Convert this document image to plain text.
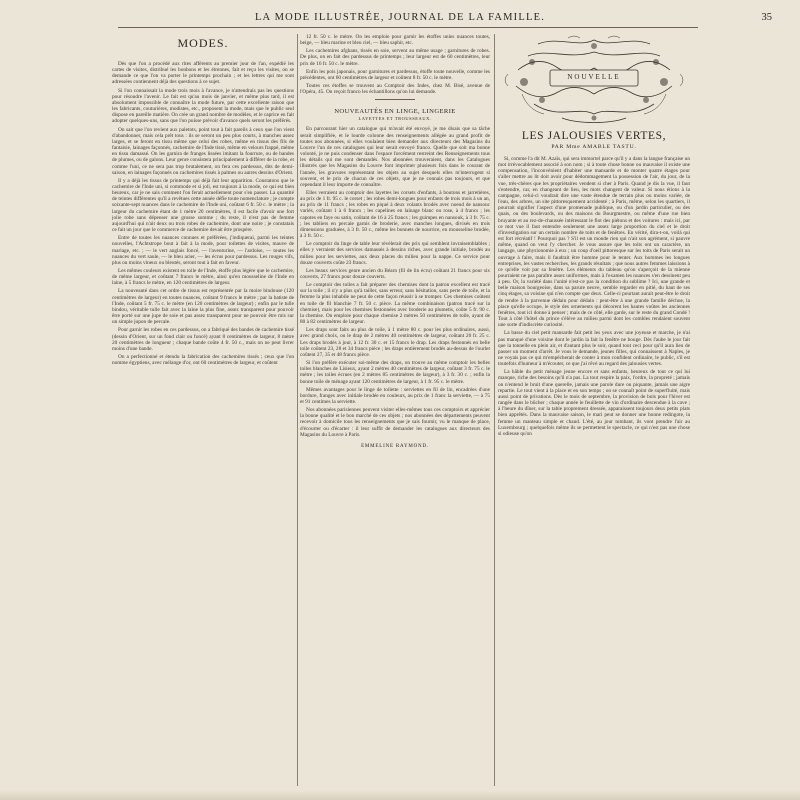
LA MODE ILLUSTRÉE, JOURNAL DE LA FAMILLE.	35
MODES.

Dès que l'on a procédé aux rites afférents au premier jour de l'an, expédié les cartes de visites, distribué les bonbons et les étrennes, fait et reçu les visites, on se demande ce que l'on va porter le printemps prochain ; et les lettres qui me sont adressées contiennent déjà des questions à ce sujet.

Si l'on connaissait la mode trois mois à l'avance, je n'attendrais pas les questions pour résoudre l'avenir. Le fait est qu'au mois de janvier, et même plus tard, il est absolument impossible de connaître la mode future, par cette excellente raison que les fabricants, couturières, modistes, etc., proposent la mode, mais que le public seul dispose en pareille matière. On crée un grand nombre de modèles, et le caprice en fait adopter quelques-uns, sans que l'on puisse prévoir d'avance quels seront les préférés.

On sait que l'on revient aux paletots, point tout à fait pareils à ceux que l'on vient d'abandonner, mais cela prêt tous : ils se seront un peu plus courts, à manches assez larges, et se feront en tissu même que celui des robes, même en tissus des fils de fantaisie, lainages façonnés, cachemire de l'Inde tissé, même en velours frappé, même en tissu damassé. On les garnira de franges lissées imitant la fourrure, ou de bandes de plumes, ou de galons. Leur genre consistera principalement à différer de la robe, et comme l'uni, ce ne sera pas trop brutalement, on fera ces pardessus, dits de demi-saison, en lainages façonnés ou cachemires tissés à palmes ou autres dessins d'Orient.

Il y a déjà les tissus de printemps qui déjà fait leur apparition. Constatons que le cachemire de l'Inde uni, si commode et si joli, est toujours à la mode, ce qui est bien heureux, car je ne sais comment l'on ferait actuellement pour s'en passer. La quantité de teintes différentes qu'il a revêtues cette année défie toute nomenclature ; je compte soixante-sept nuances dans le cachemire de l'Inde uni, coûtant 6 fr. 50 c. le mètre ; la largeur du cachemire étant de 1 mètre 20 centimètres, il est facile d'avoir une fort jolie robe sans dépenser une grosse somme ; du reste, il n'est pas de femme aujourd'hui qui n'ait deux ou trois robes de cachemire, dont une noire ; je constatais ce fait un jour que le commerce de cachemire devait être prospère.

Entre de toutes les nuances connues et préférées, j'indiquerai, parmi les teintes nouvelles, l'Achtstrope bout à fait à la mode, pour toilettes de visites, mauve de mariage, etc. ; — le vert anglais foncé, — l'aventurine, — l'ardoise, — toutes les nuances du vert saule, — le bleu acier, — les écrus pour pardessus. Les rouges vifs, plus ou moins vineux ou bleutés, seront tout à fait en faveur.

Les mêmes couleurs existent en toile de l'Inde, étoffe plus légère que le cachemire, de même largeur, et coûtant 7 francs le mètre, ainsi qu'en mousseline de l'Inde en laine, à 5 francs le mètre, en 120 centimètres de largeur.

La nouveauté dans cet ordre de tissus est représentée par la moire bindouse (120 centimètres de largeur) en toutes nuances, coûtant 9 francs le mètre ; par la batiste de l'Inde, coûtant 5 fr. 75 c. le mètre (en 120 centimètres de largeur) ; enfin par le tulle bindou, véritable tulle fait avec la laine la plus fine, assez transparent pour pouvoir être porté sur une jupe de soie et pas assez transparent pour ne pouvoir être mis sur un simple jupon de percale.

Pour garnir les robes en ces pardessus, on a fabriqué des bandes de cachemire tissé (dessin d'Orient, sur un fond clair ou foncé) ayant 8 centimètres de largeur, 8 mètre 20 centimètres de longueur ; chaque bande coûte 4 fr. 50 c., mais on ne peut livrer moins d'une bande.

On a perfectionné et étendu la fabrication des cachemires tissés ; ceux que l'on nomme égyptiens, avec mélange d'or, ont 60 centimètres de largeur, et coûtent

12 fr. 50 c. le mètre. On les emploie pour garnir les étoffes unies nuances toutes, beige, — bleu marine et bleu ciel, — bleu saphir, etc.

Les cachemires afghans, tissés en soie, servent au même usage ; garnitures de robes. De plus, on en fait des pardessus de printemps ; leur largeur est de 60 centimètres, leur prix de 16 fr. 50 c. le mètre.

Enfin les pois japonais, pour garnitures et pardessus, étoffe toute nouvelle, comme les précédentes, ont 60 centimètres de largeur et coûtent 8 fr. 50 c. le mètre.

Toutes ces étoffes se trouvent au Comptoir des Indes, chez M. Bisé, avenue de l'Opéra, 45. On reçoit franco les échantillons qu'on lui demande.

NOUVEAUTÉS EN LINGE, LINGERIE
LAYETTES ET TROUSSEAUX.

En parcourant hier un catalogue qui m'avait été envoyé, je me disais que sa tâche serait simplifiée, et le lourde colonne des renseignements allégée au grand profit de toutes nos abonnées, si elles voulaient bien demander aux directeurs des Magasins du Louvre l'un de ces catalogues qui leur serait envoyé franco. Quelle que soit ma bonne volonté, je ne puis condenser dans l'espace forcément restreint des Renseignements tous les détails qui me sont demandés. Nos abonnées trouveraient, dans les Catalogues illustrés que les Magasins du Louvre font imprimer plusieurs fois dans le courant de l'année, les gravures représentant les objets au sujet desquels elles m'interrogent si souvent, et le prix de chacun de ces objets, que je ne connais pas toujours, et que cependant il leur importe de connaître.

Elles verraient au comptoir des layettes les corsets d'enfants, à boutons et jarretières, au prix de 1 fr. 95 c. le corset ; les robes demi-longues pour enfants de trois mois à un an, au prix de 11 francs ; les robes en piqué à deux volants brodés avec noeud de nansouc variés, coûtant 1 à 6 francs ; les capelines en lainage blanc ou rose, à 4 francs ; les capotes en faye ou satin, coûtant de 16 à 25 francs ; les guimpes en nansouk, à 3 fr. 75 c. ; les tabliers en percale garnis de broderie, avec manches longues, divisés en trois dimensions graduées, à 3 fr. 50 c., même les bonnets de nourrice, en mousseline brodée, à 3 fr. 50 c.

Le comptoir du linge de table leur révélerait des prix qui semblent invraisemblables ; elles y verraient des services damassés à dessins riches, avec grande initiale, brodés au milieu pour les serviettes, aux deux places du milieu pour la nappe. Ce service pour douze couverts coûte 23 francs.

Les beaux services genre ancien du Béarn (fil de lin écru) coûtant 21 francs pour six couverts, 27 francs pour douze couverts.

Le comptoir des toiles a fait préparer des chemises dont la patron excellent est tracé sur la toile ; il n'y a plus qu'à tailler, sans erreur, sans hésitation, sans perte de toile, et la femme la plus inhabile ne peut de cette façon réussir à se tromper. Ces chemises coûtent en toile de fil blanchie 7 fr. 50 c. pièce. La même combinaison (patron tracé sur la chemise), mais pour les chemises festonnées avec broderie au plumetis, coûte 5 fr. 90 c. la chemise. On emploie pour chaque chemise 2 mètres 50 centimètres de toile, ayant de 80 à 82 centimètres de largeur.

Les draps sont faits au plus de toile, à 1 mètre 80 c. pour les plus ordinaires, aussi, avec grand choix, ou le drap de 2 mètres 40 centimètres de largeur, coûtant 20 fr. 25 c. Les draps brodés à jour, à 12 fr. 30 c. et 15 francs le drap. Les draps festonnés en belle toile coûtent 23, 28 et 34 francs pièce ; les draps entièrement brodés au-dessus de l'ourlet coûtent 27, 35 et 48 francs pièce.

Si l'on préfère exécuter soi-même des draps, on trouve au même comptoir les belles toiles blanches de Lisieux, ayant 2 mètres 40 centimètres de largeur, coûtant 3 fr. 75 c. le mètre ; les toiles écrues (en 2 mètres 85 centimètres de largeur), à 3 fr. 30 c. ; enfin la bonne toile de ménage ayant 120 centimètres de largeur, à 1 fr. 95 c. le mètre.

Mêmes avantages pour le linge de toilette : serviettes en fil de lin, encadrées d'une bordure, franges avec initiale brodée en couleurs, au prix de 1 franc la serviette, — à 75 et 91 centimes la serviette.

Nos abonnées parisiennes peuvent visiter elles-mêmes tous ces comptoirs et apprécier la bonne qualité et le bon marché de ces objets ; nos abonnées des départements peuvent recevoir à domicile tous les renseignements que je sais fournir, vu le manque de place, d'écourter ou d'écarter : il leur suffit de demander les catalogues aux directeurs des Magasins du Louvre à Paris.

EMMELINE RAYMOND.
NOUVELLE
LES JALOUSIES VERTES,
PAR Mme AMABLE TASTU.

Si, comme l'a dit M. Azaïs, qui sera immortel parce qu'il y a dans la langue française un mot irrévocablement associé à son nom ; si à toute chose bonne ou mauvaise il existe une compensation, l'inconvénient d'habiter une mansarde et de monter quatre étages pour s'aller mettre au lit doit avoir pour dédommagement la possession de l'air, du jour, de la vue, très-chères que les propriétaires vendent si cher à Paris. Quand je dis la vue, il faut s'entendre, car, en changeant de lieu, les mots changent de valeur. Si nous étions à la campagne, celui-ci voudrait dire une vaste étendue de terrain plus ou moins variée, de l'eau, des arbres, un site pittoresquement accidenté ; à Paris, même, selon les quartiers, il pourrait signifier l'aspect d'une promenade publique, ou d'un jardin particulier, ou des quais, ou des boulevards, ou des maisons du Bourgmestre, ou même d'une rue bien bruyante et au rez-de-chaussée intéressant le flot des piétons et des voitures : mais ici, par ce mot vue il faut entendre seulement une assez large proportion du ciel et le droit d'investigation sur un certain nombre de toits et de fenêtres. En vérité, dira-t-on, voilà qui est fort récréatif ! Pourquoi pas ? S'il est un monde rien qui n'ait son agrément, si pauvre même, quand on veut l'y chercher. Je vous assure que les toits ont un caractère, un langage, une physionomie à eux ; un coup d'oeil pittoresque sur les toits de Paris serait un ouvrage à faire, mais il faudrait être homme pour le tenter. Aux hommes les longues entreprises, les vastes recherches, les grands résultats ; que nous autres femmes laissions à ce qu'elle voit par sa fenêtre. Les éléments du tableau qu'on s'aperçoit de la mienne pourraient ne pas paraître assez uniformes, mais à l'examen les nuances s'en dessinent peu à peu. Or, la variété dans l'unité n'est-ce pas la condition du sublime ? Ici, une grande et belle maison bourgeoise, dans sa parure neuve, semble regarder en pitié, du haut de ses cinq étages, sa voisine qui n'en compte que deux. Celle-ci pourtant aurait peut-être le droit de rendre à la parvenue dédain pour dédain : peut-être à une grande famille déchue, la place qu'elle occupe, le style des ornements qui décorent les hautes voûtes les anciennes fenêtres, tout ici donne à penser ; mais de ce côté, elle garde, sur le reste du grand Condé ! Tout à côté l'hôtel du prince s'élève au milieu parmi dont les combles rendaient souvent une sorte d'indiscrète curiosité.

La basse du ciel petit mansarde fait petit les yeux avec une joyeuse et marche, je n'ai pas manqué d'une voisine dont le jardin la fait la fenêtre ne bouge. Dès l'aube le jour fait que la tonnelle en plein air, et d'autant plus le soir, quand tout ceci pour qu'il aura lieu de passer un moment d'arrêt. Je vous le demande, jeunes filles, qui connaissent à Naples, je ne voyais pas ce qui m'empêcherait de conter à mon confident ordinaire, le public, s'il est toutefois d'humeur à m'écouter, ce que j'ai rêvé au regard des jalousies vertes.

La hâble du petit ménage jeune encore et sans enfants, heureux de tout ce qui lui manque, riche des besoins qu'il n'a pas. La tout respire la paix, l'ordre, la propreté ; jamais on n'entend le bruit d'une querelle, jamais une parole dure ou piquante, jamais une aigre repartie. Le tout vient à la place et en son temps ; on se connaît point de superfluité, mais aussi point de privations. Dès le mois de septembre, la provision de bois pour l'hiver est rangée dans le bûcher ; chaque année le feuillette de vin d'ordinaire descendue à la cave ; à l'heure du dîner, sur la table proprement dressée, apparaissent toujours deux petits plats bien apprêtés. Dans la mauvaise saison, le mari peut se donner une bonne redingote, la femme un manteau simple et chaud. L'été, au jour tombant, ils vont prendre l'air au Luxembourg ; quelquefois même ils se permettent le spectacle, ce qui n'est pas une chose si odieuse qu'on
